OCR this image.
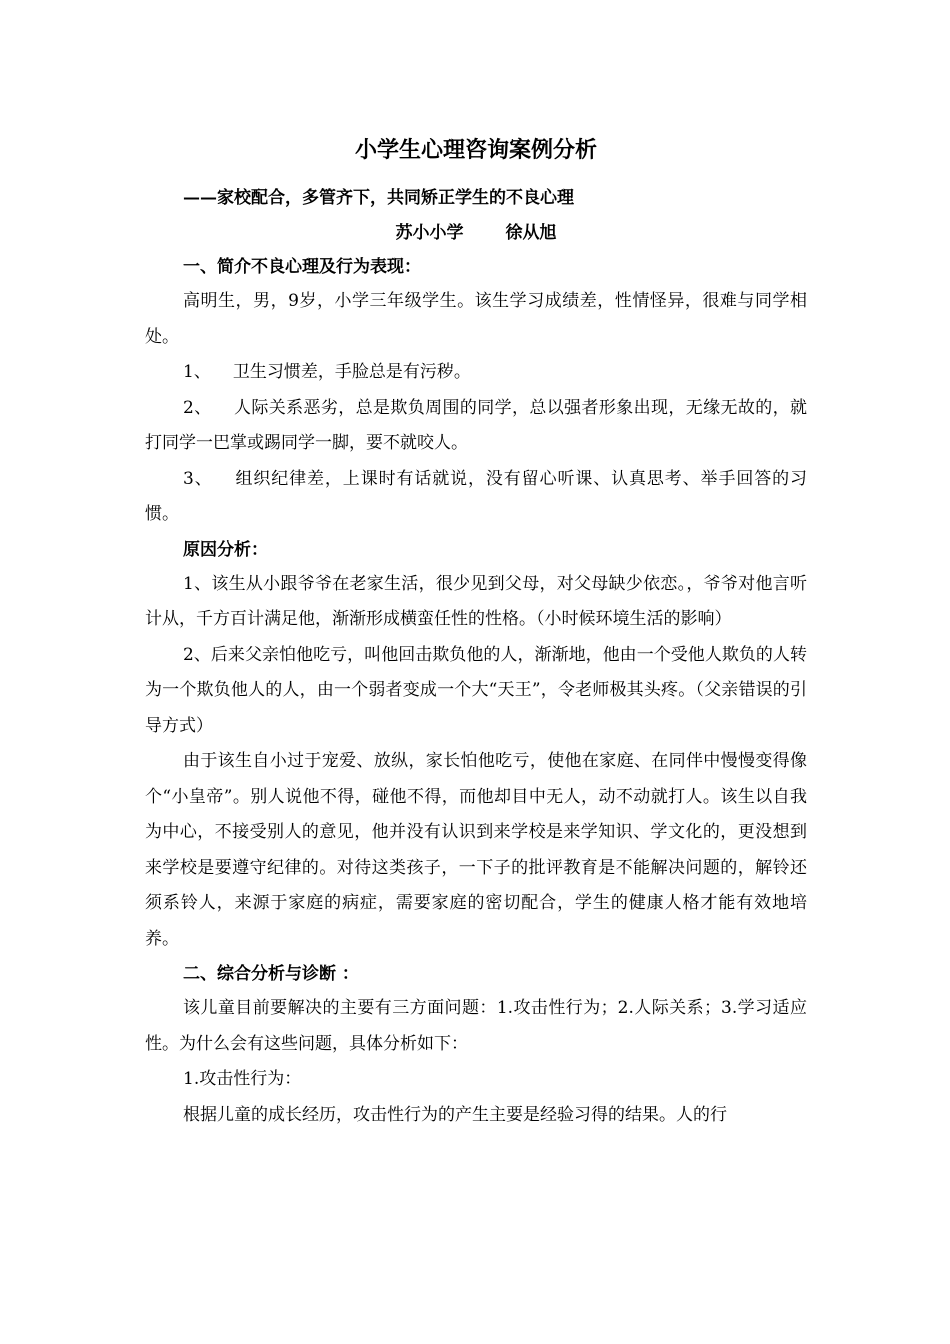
小学生心理咨询案例分析

——家校配合，多管齐下，共同矫正学生的不良心理

苏小小学 徐从旭

一、简介不良心理及行为表现：

高明生，男，9岁，小学三年级学生。该生学习成绩差，性情怪异，很难与同学相处。

1、 卫生习惯差，手脸总是有污秽。

2、 人际关系恶劣，总是欺负周围的同学，总以强者形象出现，无缘无故的，就打同学一巴掌或踢同学一脚，要不就咬人。

3、 组织纪律差，上课时有话就说，没有留心听课、认真思考、举手回答的习惯。

原因分析：

1、该生从小跟爷爷在老家生活，很少见到父母，对父母缺少依恋。，爷爷对他言听计从，千方百计满足他，渐渐形成横蛮任性的性格。（小时候环境生活的影响）

2、后来父亲怕他吃亏，叫他回击欺负他的人，渐渐地，他由一个受他人欺负的人转为一个欺负他人的人，由一个弱者变成一个大“天王”，令老师极其头疼。（父亲错误的引导方式）

由于该生自小过于宠爱、放纵，家长怕他吃亏，使他在家庭、在同伴中慢慢变得像个“小皇帝”。别人说他不得，碰他不得，而他却目中无人，动不动就打人。该生以自我为中心，不接受别人的意见，他并没有认识到来学校是来学知识、学文化的，更没想到来学校是要遵守纪律的。对待这类孩子，一下子的批评教育是不能解决问题的，解铃还须系铃人，来源于家庭的病症，需要家庭的密切配合，学生的健康人格才能有效地培养。

二、综合分析与诊断 ：

该儿童目前要解决的主要有三方面问题：1.攻击性行为；2.人际关系；3.学习适应性。为什么会有这些问题，具体分析如下：

1.攻击性行为：

根据儿童的成长经历，攻击性行为的产生主要是经验习得的结果。人的行
